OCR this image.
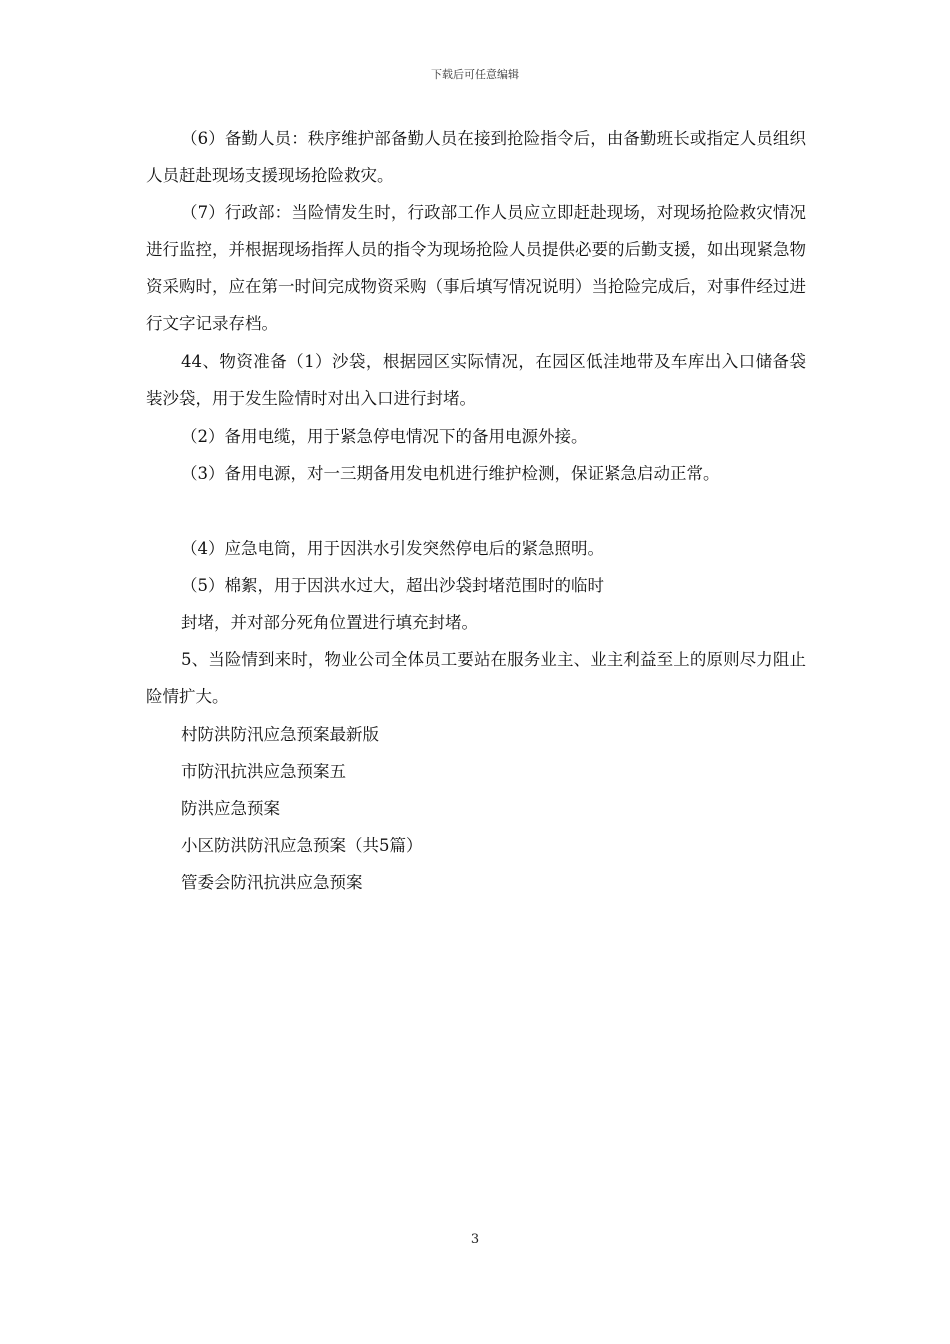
下载后可任意编辑

（6）备勤人员：秩序维护部备勤人员在接到抢险指令后，由备勤班长或指定人员组织人员赶赴现场支援现场抢险救灾。

（7）行政部：当险情发生时，行政部工作人员应立即赶赴现场，对现场抢险救灾情况进行监控，并根据现场指挥人员的指令为现场抢险人员提供必要的后勤支援，如出现紧急物资采购时，应在第一时间完成物资采购（事后填写情况说明）当抢险完成后，对事件经过进行文字记录存档。

44、物资准备（1）沙袋，根据园区实际情况，在园区低洼地带及车库出入口储备袋装沙袋，用于发生险情时对出入口进行封堵。

（2）备用电缆，用于紧急停电情况下的备用电源外接。
（3）备用电源，对一三期备用发电机进行维护检测，保证紧急启动正常。
（4）应急电筒，用于因洪水引发突然停电后的紧急照明。
（5）棉絮，用于因洪水过大，超出沙袋封堵范围时的临时
封堵，并对部分死角位置进行填充封堵。

5、当险情到来时，物业公司全体员工要站在服务业主、业主利益至上的原则尽力阻止险情扩大。

村防洪防汛应急预案最新版
市防汛抗洪应急预案五
防洪应急预案
小区防洪防汛应急预案（共5篇）
管委会防汛抗洪应急预案
3
